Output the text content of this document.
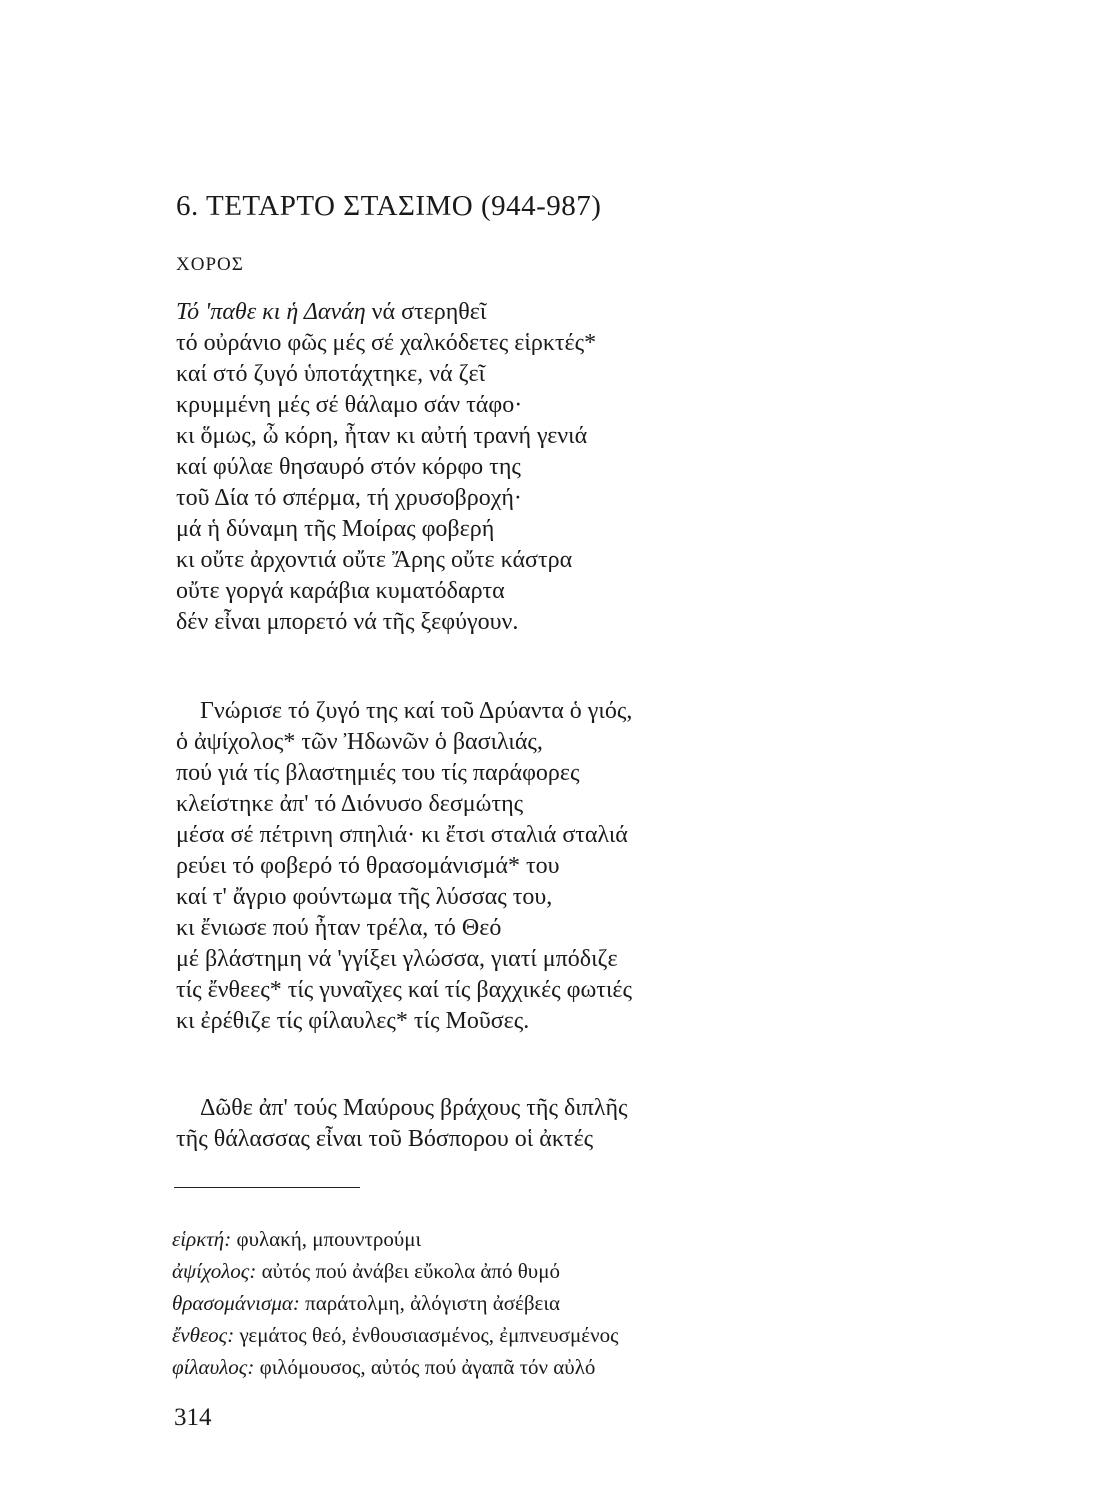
6. ΤΕΤΑΡΤΟ ΣΤΑΣΙΜΟ (944-987)
ΧΟΡΟΣ
Τό 'παθε κι ἡ Δανάη νά στερηθεῖ
τό οὐράνιο φῶς μές σέ χαλκόδετες εἱρκτές*
καί στό ζυγό ὑποτάχτηκε, νά ζεῖ
κρυμμένη μές σέ θάλαμο σάν τάφο·
κι ὅμως, ὦ κόρη, ἦταν κι αὐτή τρανή γενιά
καί φύλαε θησαυρό στόν κόρφο της
τοῦ Δία τό σπέρμα, τή χρυσοβροχή·
μά ἡ δύναμη τῆς Μοίρας φοβερή
κι οὔτε ἀρχοντιά οὔτε Ἄρης οὔτε κάστρα
οὔτε γοργά καράβια κυματόδαρτα
δέν εἶναι μπορετό νά τῆς ξεφύγουν.
Γνώρισε τό ζυγό της καί τοῦ Δρύαντα ὁ γιός,
ὁ ἀψίχολος* τῶν Ἠδωνῶν ὁ βασιλιάς,
πού γιά τίς βλαστημιές του τίς παράφορες
κλείστηκε ἀπ' τό Διόνυσο δεσμώτης
μέσα σέ πέτρινη σπηλιά· κι ἔτσι σταλιά σταλιά
ρεύει τό φοβερό τό θρασομάνισμά* του
καί τ' ἄγριο φούντωμα τῆς λύσσας του,
κι ἔνιωσε πού ἦταν τρέλα, τό Θεό
μέ βλάστημη νά 'γγίξει γλώσσα, γιατί μπόδιζε
τίς ἔνθεες* τίς γυναῖχες καί τίς βαχχικές φωτιές
κι ἐρέθιζε τίς φίλαυλες* τίς Μοῦσες.
Δῶθε ἀπ' τούς Μαύρους βράχους τῆς διπλῆς
τῆς θάλασσας εἶναι τοῦ Βόσπορου οἱ ἀκτές
εἱρκτή: φυλακή, μπουντρούμι
ἀψίχολος: αὐτός πού ἀνάβει εὔκολα ἀπό θυμό
θρασομάνισμα: παράτολμη, ἀλόγιστη ἀσέβεια
ἔνθεος: γεμάτος θεό, ἐνθουσιασμένος, ἐμπνευσμένος
φίλαυλος: φιλόμουσος, αὐτός πού ἀγαπᾶ τόν αὐλό
314
